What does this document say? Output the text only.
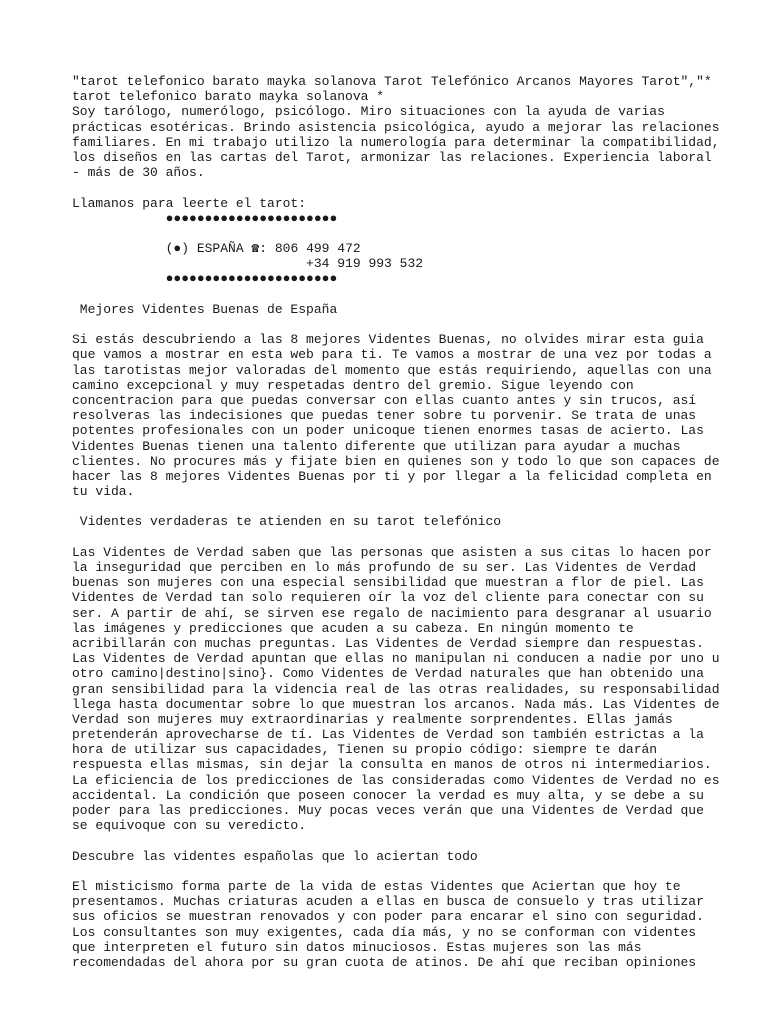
"tarot telefonico barato mayka solanova Tarot Telefónico Arcanos Mayores Tarot","*
tarot telefonico barato mayka solanova *
Soy tarólogo, numerólogo, psicólogo. Miro situaciones con la ayuda de varias
prácticas esotéricas. Brindo asistencia psicológica, ayudo a mejorar las relaciones
familiares. En mi trabajo utilizo la numerología para determinar la compatibilidad,
los diseños en las cartas del Tarot, armonizar las relaciones. Experiencia laboral
- más de 30 años.
Llamanos para leerte el tarot:
●●●●●●●●●●●●●●●●●●●●●●
(●) ESPAÑA ☎: 806 499 472
+34 919 993 532
●●●●●●●●●●●●●●●●●●●●●●
Mejores Videntes Buenas de España
Si estás descubriendo a las 8 mejores Videntes Buenas, no olvides mirar esta guia
que vamos a mostrar en esta web para ti. Te vamos a mostrar de una vez por todas a
las tarotistas mejor valoradas del momento que estás requiriendo, aquellas con una
camino excepcional y muy respetadas dentro del gremio. Sigue leyendo con
concentracion para que puedas conversar con ellas cuanto antes y sin trucos, así
resolveras las indecisiones que puedas tener sobre tu porvenir. Se trata de unas
potentes profesionales con un poder unicoque tienen enormes tasas de acierto. Las
Videntes Buenas tienen una talento diferente que utilizan para ayudar a muchas
clientes. No procures más y fijate bien en quienes son y todo lo que son capaces de
hacer las 8 mejores Videntes Buenas por ti y por llegar a la felicidad completa en
tu vida.
Videntes verdaderas te atienden en su tarot telefónico
Las Videntes de Verdad saben que las personas que asisten a sus citas lo hacen por
la inseguridad que perciben en lo más profundo de su ser. Las Videntes de Verdad
buenas son mujeres con una especial sensibilidad que muestran a flor de piel. Las
Videntes de Verdad tan solo requieren oír la voz del cliente para conectar con su
ser. A partir de ahí, se sirven ese regalo de nacimiento para desgranar al usuario
las imágenes y predicciones que acuden a su cabeza. En ningún momento te
acribillarán con muchas preguntas. Las Videntes de Verdad siempre dan respuestas.
Las Videntes de Verdad apuntan que ellas no manipulan ni conducen a nadie por uno u
otro camino|destino|sino}. Como Videntes de Verdad naturales que han obtenido una
gran sensibilidad para la videncia real de las otras realidades, su responsabilidad
llega hasta documentar sobre lo que muestran los arcanos. Nada más. Las Videntes de
Verdad son mujeres muy extraordinarias y realmente sorprendentes. Ellas jamás
pretenderán aprovecharse de tí. Las Videntes de Verdad son también estrictas a la
hora de utilizar sus capacidades, Tienen su propio código: siempre te darán
respuesta ellas mismas, sin dejar la consulta en manos de otros ni intermediarios.
La eficiencia de los predicciones de las consideradas como Videntes de Verdad no es
accidental. La condición que poseen conocer la verdad es muy alta, y se debe a su
poder para las predicciones. Muy pocas veces verán que una Videntes de Verdad que
se equivoque con su veredicto.
Descubre las videntes españolas que lo aciertan todo
El misticismo forma parte de la vida de estas Videntes que Aciertan que hoy te
presentamos. Muchas criaturas acuden a ellas en busca de consuelo y tras utilizar
sus oficios se muestran renovados y con poder para encarar el sino con seguridad.
Los consultantes son muy exigentes, cada día más, y no se conforman con videntes
que interpreten el futuro sin datos minuciosos. Estas mujeres son las más
recomendadas del ahora por su gran cuota de atinos. De ahí que reciban opiniones
